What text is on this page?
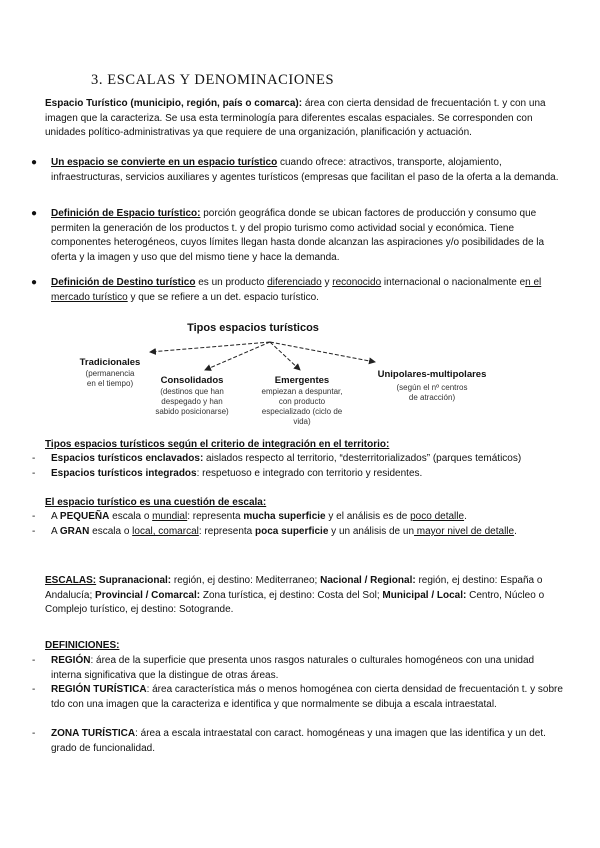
3. ESCALAS Y DENOMINACIONES
Espacio Turístico (municipio, región, país o comarca): área con cierta densidad de frecuentación t. y con una imagen que la caracteriza. Se usa esta terminología para diferentes escalas espaciales. Se corresponden con unidades político-administrativas ya que requiere de una organización, planificación y actuación.
● Un espacio se convierte en un espacio turístico cuando ofrece: atractivos, transporte, alojamiento, infraestructuras, servicios auxiliares y agentes turísticos (empresas que facilitan el paso de la oferta a la demanda.
● Definición de Espacio turístico: porción geográfica donde se ubican factores de producción y consumo que permiten la generación de los productos t. y del propio turismo como actividad social y económica. Tiene componentes heterogéneos, cuyos límites llegan hasta donde alcanzan las aspiraciones y/o posibilidades de la oferta y la imagen y uso que del mismo tiene y hace la demanda.
● Definición de Destino turístico es un producto diferenciado y reconocido internacional o nacionalmente en el mercado turístico y que se refiere a un det. espacio turístico.
Tipos espacios turísticos
Tradicionales
(permanencia
en el tiempo)	Consolidados
(destinos que han
despegado y han
sabido posicionarse)
Emergentes
empiezan a despuntar,
con producto
especializado (ciclo de
vida)
Unipolares-multipolares
(según el nº centros
de atracción)
Tipos espacios turísticos según el criterio de integración en el territorio:
- Espacios turísticos enclavados: aislados respecto al territorio, “desterritorializados” (parques temáticos)
- Espacios turísticos integrados: respetuoso e integrado con territorio y residentes.
El espacio turístico es una cuestión de escala:
- A PEQUEÑA escala o mundial: representa mucha superficie y el análisis es de poco detalle.
- A GRAN escala o local, comarcal: representa poca superficie y un análisis de un mayor nivel de detalle.
ESCALAS: Supranacional: región, ej destino: Mediterraneo; Nacional / Regional: región, ej destino: España o Andalucía; Provincial / Comarcal: Zona turística, ej destino: Costa del Sol; Municipal / Local: Centro, Núcleo o Complejo turístico, ej destino: Sotogrande.
DEFINICIONES:
- REGIÓN: área de la superficie que presenta unos rasgos naturales o culturales homogéneos con una unidad interna significativa que la distingue de otras áreas.
- REGIÓN TURÍSTICA: área característica más o menos homogénea con cierta densidad de frecuentación t. y sobre tdo con una imagen que la caracteriza e identifica y que normalmente se dibuja a escala intraestatal.
- ZONA TURÍSTICA: área a escala intraestatal con caract. homogéneas y una imagen que las identifica y un det. grado de funcionalidad.
